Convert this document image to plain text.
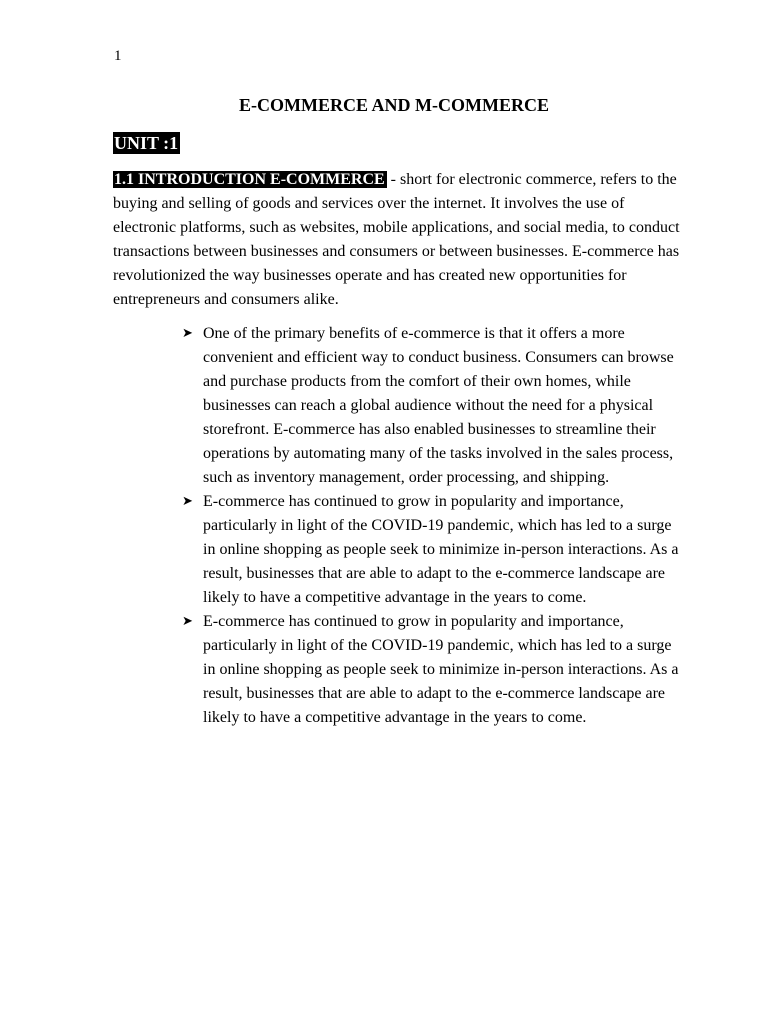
1
E-COMMERCE AND M-COMMERCE
UNIT :1

1.1 INTRODUCTION E-COMMERCE - short for electronic commerce, refers to the buying and selling of goods and services over the internet. It involves the use of electronic platforms, such as websites, mobile applications, and social media, to conduct transactions between businesses and consumers or between businesses. E-commerce has revolutionized the way businesses operate and has created new opportunities for entrepreneurs and consumers alike.

➤ One of the primary benefits of e-commerce is that it offers a more convenient and efficient way to conduct business. Consumers can browse and purchase products from the comfort of their own homes, while businesses can reach a global audience without the need for a physical storefront. E-commerce has also enabled businesses to streamline their operations by automating many of the tasks involved in the sales process, such as inventory management, order processing, and shipping.
➤ E-commerce has continued to grow in popularity and importance, particularly in light of the COVID-19 pandemic, which has led to a surge in online shopping as people seek to minimize in-person interactions. As a result, businesses that are able to adapt to the e-commerce landscape are likely to have a competitive advantage in the years to come.
➤ E-commerce has continued to grow in popularity and importance, particularly in light of the COVID-19 pandemic, which has led to a surge in online shopping as people seek to minimize in-person interactions. As a result, businesses that are able to adapt to the e-commerce landscape are likely to have a competitive advantage in the years to come.
